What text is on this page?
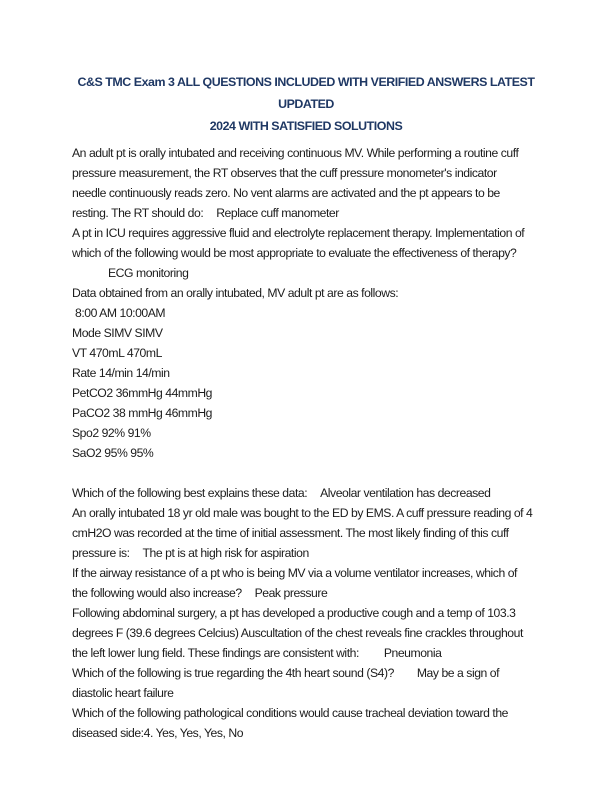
C&S TMC Exam 3 ALL QUESTIONS INCLUDED WITH VERIFIED ANSWERS LATEST UPDATED
2024 WITH SATISFIED SOLUTIONS
An adult pt is orally intubated and receiving continuous MV. While performing a routine cuff
pressure measurement, the RT observes that the cuff pressure monometer's indicator
needle continuously reads zero. No vent alarms are activated and the pt appears to be
resting. The RT should do: Replace cuff manometer
A pt in ICU requires aggressive fluid and electrolyte replacement therapy. Implementation of
which of the following would be most appropriate to evaluate the effectiveness of therapy?
ECG monitoring
Data obtained from an orally intubated, MV adult pt are as follows:
8:00 AM 10:00AM
Mode SIMV SIMV
VT 470mL 470mL
Rate 14/min 14/min
PetCO2 36mmHg 44mmHg
PaCO2 38 mmHg 46mmHg
Spo2 92% 91%
SaO2 95% 95%
Which of the following best explains these data: Alveolar ventilation has decreased
An orally intubated 18 yr old male was bought to the ED by EMS. A cuff pressure reading of 4
cmH2O was recorded at the time of initial assessment. The most likely finding of this cuff
pressure is: The pt is at high risk for aspiration
If the airway resistance of a pt who is being MV via a volume ventilator increases, which of
the following would also increase? Peak pressure
Following abdominal surgery, a pt has developed a productive cough and a temp of 103.3
degrees F (39.6 degrees Celcius) Auscultation of the chest reveals fine crackles throughout
the left lower lung field. These findings are consistent with: Pneumonia
Which of the following is true regarding the 4th heart sound (S4)? May be a sign of
diastolic heart failure
Which of the following pathological conditions would cause tracheal deviation toward the
diseased side:4. Yes, Yes, Yes, No
